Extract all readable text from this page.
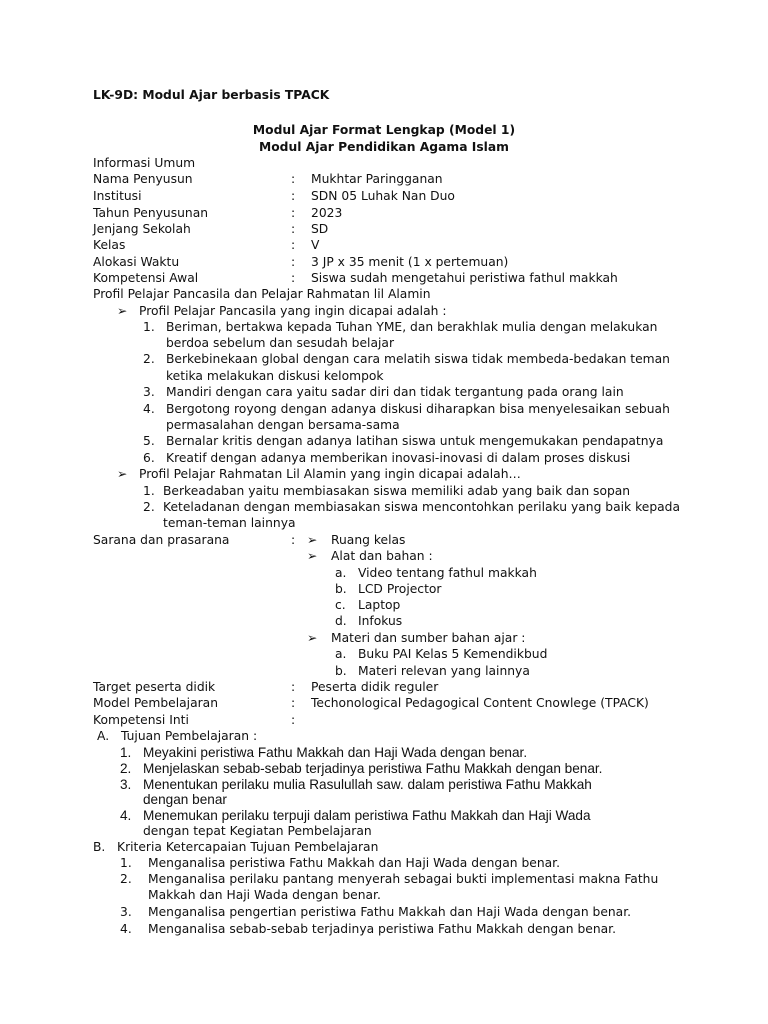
LK-9D: Modul Ajar berbasis TPACK
Modul Ajar Format Lengkap (Model 1)
Modul Ajar Pendidikan Agama Islam
Informasi Umum
Nama Penyusun	: Mukhtar Paringganan
Institusi	: SDN 05 Luhak Nan Duo
Tahun Penyusunan	: 2023
Jenjang Sekolah	: SD
Kelas	: V
Alokasi Waktu	: 3 JP x 35 menit (1 x pertemuan)
Kompetensi Awal	: Siswa sudah mengetahui peristiwa fathul makkah
Profil Pelajar Pancasila dan Pelajar Rahmatan lil Alamin
➢ Profil Pelajar Pancasila yang ingin dicapai adalah :
1. Beriman, bertakwa kepada Tuhan YME, dan berakhlak mulia dengan melakukan
berdoa sebelum dan sesudah belajar
2. Berkebinekaan global dengan cara melatih siswa tidak membeda-bedakan teman
ketika melakukan diskusi kelompok
3. Mandiri dengan cara yaitu sadar diri dan tidak tergantung pada orang lain
4. Bergotong royong dengan adanya diskusi diharapkan bisa menyelesaikan sebuah
permasalahan dengan bersama-sama
5. Bernalar kritis dengan adanya latihan siswa untuk mengemukakan pendapatnya
6. Kreatif dengan adanya memberikan inovasi-inovasi di dalam proses diskusi
➢ Profil Pelajar Rahmatan Lil Alamin yang ingin dicapai adalah…
1. Berkeadaban yaitu membiasakan siswa memiliki adab yang baik dan sopan
2. Keteladanan dengan membiasakan siswa mencontohkan perilaku yang baik kepada
teman-teman lainnya
Sarana dan prasarana	: ➢ Ruang kelas
➢ Alat dan bahan :
a. Video tentang fathul makkah
b. LCD Projector
c. Laptop
d. Infokus
➢ Materi dan sumber bahan ajar :
a. Buku PAI Kelas 5 Kemendikbud
b. Materi relevan yang lainnya
Target peserta didik	: Peserta didik reguler
Model Pembelajaran	: Techonological Pedagogical Content Cnowlege (TPACK)
Kompetensi Inti	:
A. Tujuan Pembelajaran :
1. Meyakini peristiwa Fathu Makkah dan Haji Wada dengan benar.
2. Menjelaskan sebab-sebab terjadinya peristiwa Fathu Makkah dengan benar.
3. Menentukan perilaku mulia Rasulullah saw. dalam peristiwa Fathu Makkah
dengan benar
4. Menemukan perilaku terpuji dalam peristiwa Fathu Makkah dan Haji Wada
dengan tepat Kegiatan Pembelajaran
B. Kriteria Ketercapaian Tujuan Pembelajaran
1. Menganalisa peristiwa Fathu Makkah dan Haji Wada dengan benar.
2. Menganalisa perilaku pantang menyerah sebagai bukti implementasi makna Fathu
Makkah dan Haji Wada dengan benar.
3. Menganalisa pengertian peristiwa Fathu Makkah dan Haji Wada dengan benar.
4. Menganalisa sebab-sebab terjadinya peristiwa Fathu Makkah dengan benar.
